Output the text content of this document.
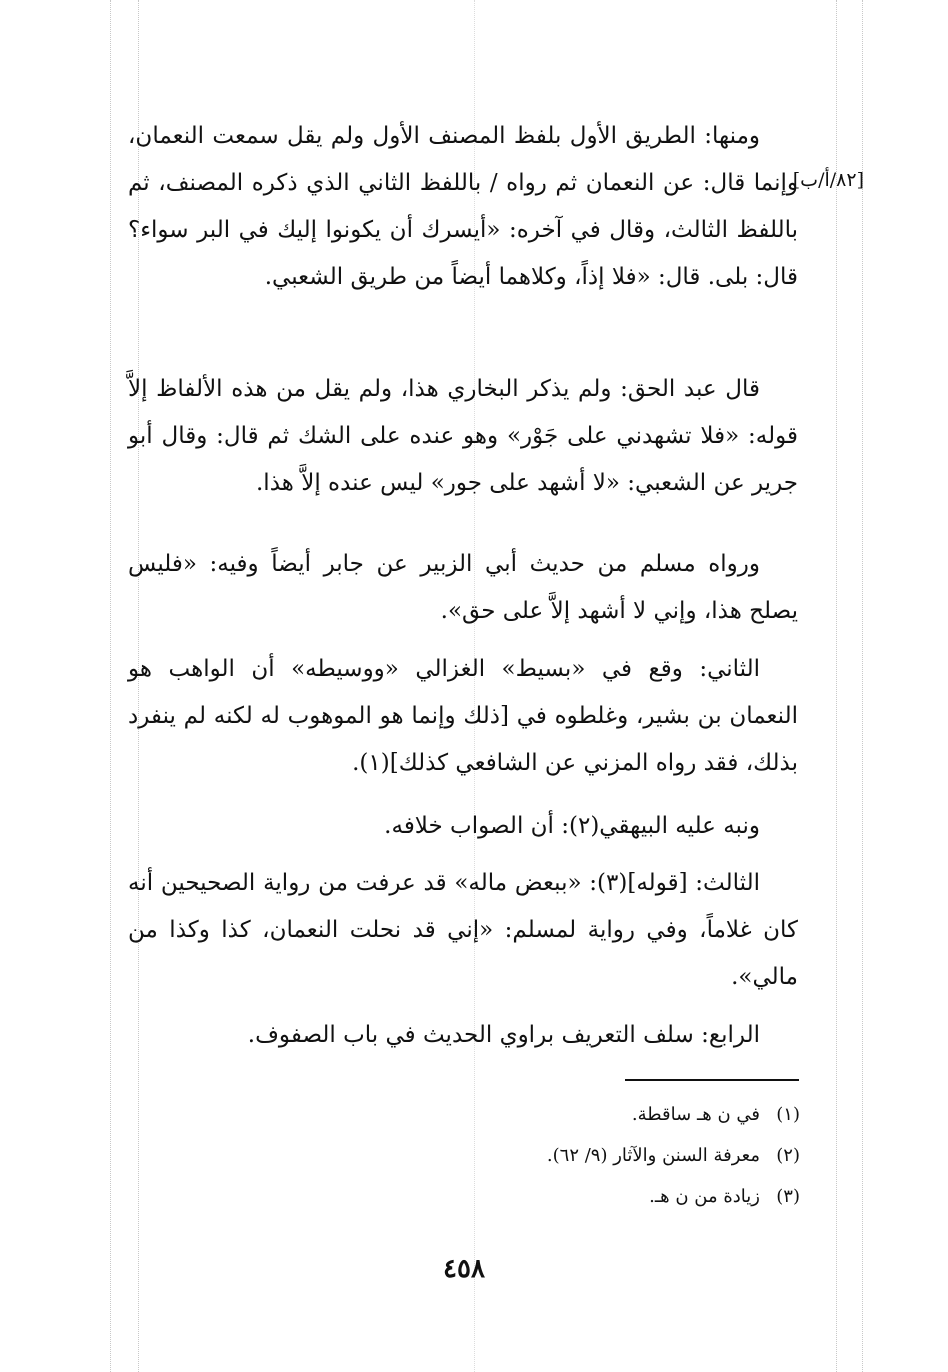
[٨٢/أ/ب]

ومنها: الطريق الأول بلفظ المصنف الأول ولم يقل سمعت النعمان، وإنما قال: عن النعمان ثم رواه / باللفظ الثاني الذي ذكره المصنف، ثم باللفظ الثالث، وقال في آخره: «أيسرك أن يكونوا إليك في البر سواء؟ قال: بلى. قال: «فلا إذاً، وكلاهما أيضاً من طريق الشعبي.

قال عبد الحق: ولم يذكر البخاري هذا، ولم يقل من هذه الألفاظ إلاَّ قوله: «فلا تشهدني على جَوْر» وهو عنده على الشك ثم قال: وقال أبو جرير عن الشعبي: «لا أشهد على جور» ليس عنده إلاَّ هذا.

ورواه مسلم من حديث أبي الزبير عن جابر أيضاً وفيه: «فليس يصلح هذا، وإني لا أشهد إلاَّ على حق».

الثاني: وقع في «بسيط» الغزالي «ووسيطه» أن الواهب هو النعمان بن بشير، وغلطوه في [ذلك وإنما هو الموهوب له لكنه لم ينفرد بذلك، فقد رواه المزني عن الشافعي كذلك](١).

ونبه عليه البيهقي(٢): أن الصواب خلافه.

الثالث: [قوله](٣): «ببعض ماله» قد عرفت من رواية الصحيحين أنه كان غلاماً، وفي رواية لمسلم: «إني قد نحلت النعمان، كذا وكذا من مالي».

الرابع: سلف التعريف براوي الحديث في باب الصفوف.

(١)في ن هـ ساقطة.

(٢)معرفة السنن والآثار (٩/ ٦٢).

(٣)زيادة من ن هـ.

٤٥٨
